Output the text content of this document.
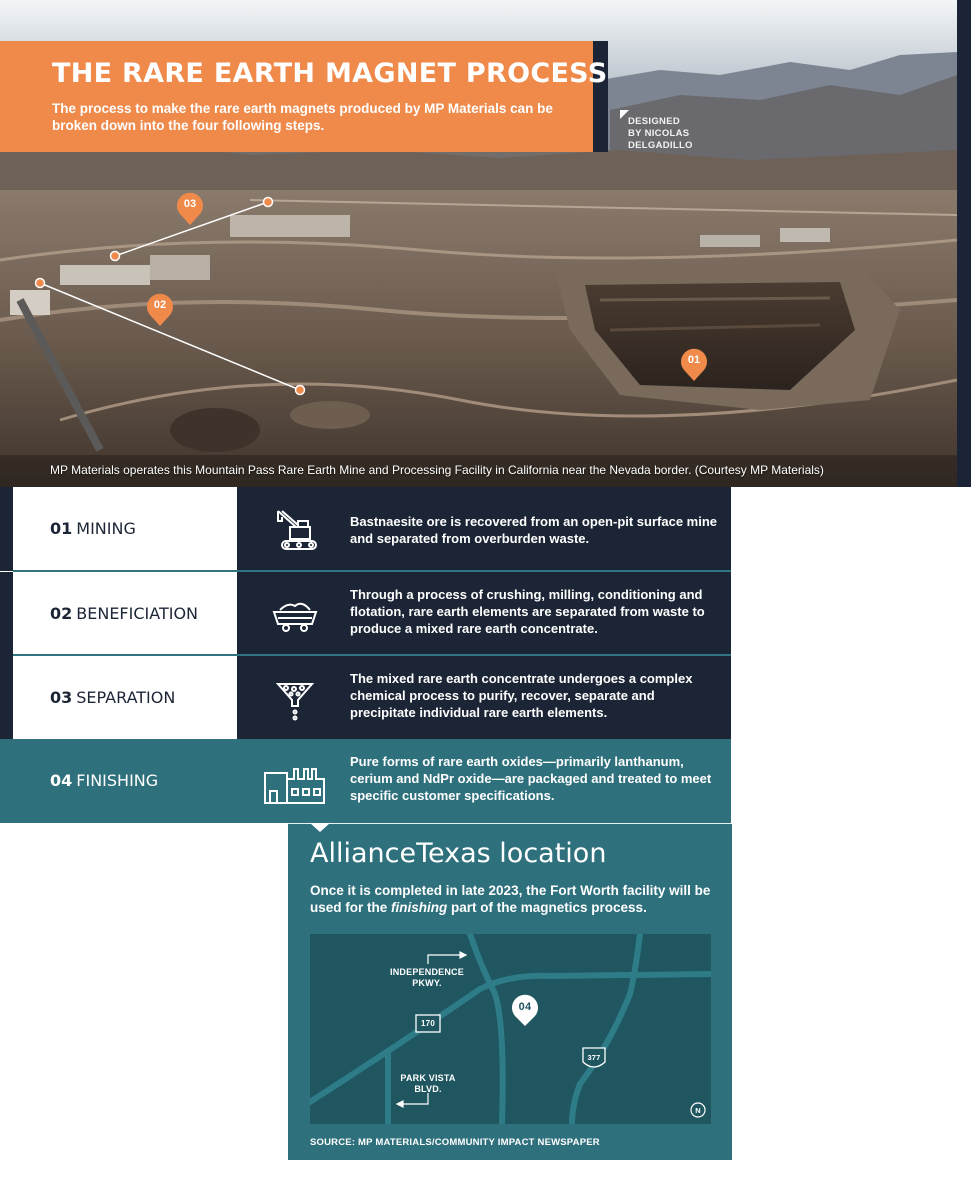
03
02
01
MP Materials operates this Mountain Pass Rare Earth Mine and Processing Facility in California near the Nevada border. (Courtesy MP Materials)
THE RARE EARTH MAGNET PROCESS
The process to make the rare earth magnets produced by MP Materials can be broken down into the four following steps.	DESIGNED
BY NICOLAS
DELGADILLO
01 MINING	Bastnaesite ore is recovered from an open-pit surface mine and separated from overburden waste.
02 BENEFICIATION
Through a process of crushing, milling, conditioning and flotation, rare earth elements are separated from waste to produce a mixed rare earth concentrate.
03 SEPARATION
The mixed rare earth concentrate undergoes a complex chemical process to purify, recover, separate and precipitate individual rare earth elements.
04 FINISHING
Pure forms of rare earth oxides—primarily lanthanum, cerium and NdPr oxide—are packaged and treated to meet specific customer specifications.
AllianceTexas location
Once it is completed in late 2023, the Fort Worth facility will be used for the finishing part of the magnetics process.
INDEPENDENCE
PKWY.
PARK VISTA
BLVD.
170
377
04
N
SOURCE: MP MATERIALS/COMMUNITY IMPACT NEWSPAPER
